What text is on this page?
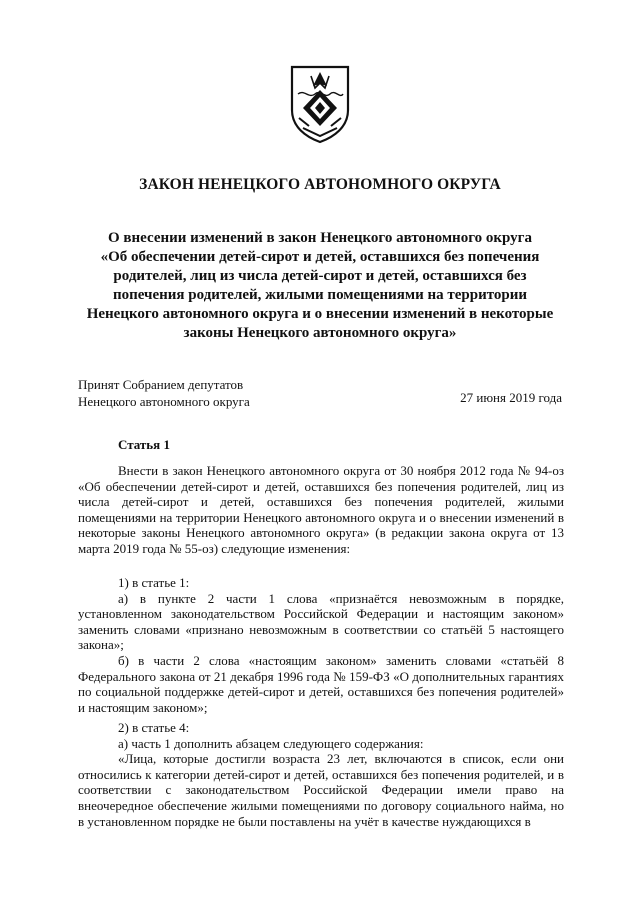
ЗАКОН НЕНЕЦКОГО АВТОНОМНОГО ОКРУГА
О внесении изменений в закон Ненецкого автономного округа
«Об обеспечении детей-сирот и детей, оставшихся без попечения
родителей, лиц из числа детей-сирот и детей, оставшихся без
попечения родителей, жилыми помещениями на территории
Ненецкого автономного округа и о внесении изменений в некоторые
законы Ненецкого автономного округа»
Принят Собранием депутатов
Ненецкого автономного округа	27 июня 2019 года
Статья 1

Внести в закон Ненецкого автономного округа от 30 ноября 2012 года № 94-оз «Об обеспечении детей-сирот и детей, оставшихся без попечения родителей, лиц из числа детей-сирот и детей, оставшихся без попечения родителей, жилыми помещениями на территории Ненецкого автономного округа и о внесении изменений в некоторые законы Ненецкого автономного округа» (в редакции закона округа от 13 марта 2019 года № 55-оз) следующие изменения:

1) в статье 1:

а) в пункте 2 части 1 слова «признаётся невозможным в порядке, установленном законодательством Российской Федерации и настоящим законом» заменить словами «признано невозможным в соответствии со статьёй 5 настоящего закона»;

б) в части 2 слова «настоящим законом» заменить словами «статьёй 8 Федерального закона от 21 декабря 1996 года № 159-ФЗ «О дополнительных гарантиях по социальной поддержке детей-сирот и детей, оставшихся без попечения родителей» и настоящим законом»;

2) в статье 4:

а) часть 1 дополнить абзацем следующего содержания:

«Лица, которые достигли возраста 23 лет, включаются в список, если они относились к категории детей-сирот и детей, оставшихся без попечения родителей, и в соответствии с законодательством Российской Федерации имели право на внеочередное обеспечение жилыми помещениями по договору социального найма, но в установленном порядке не были поставлены на учёт в качестве нуждающихся в
